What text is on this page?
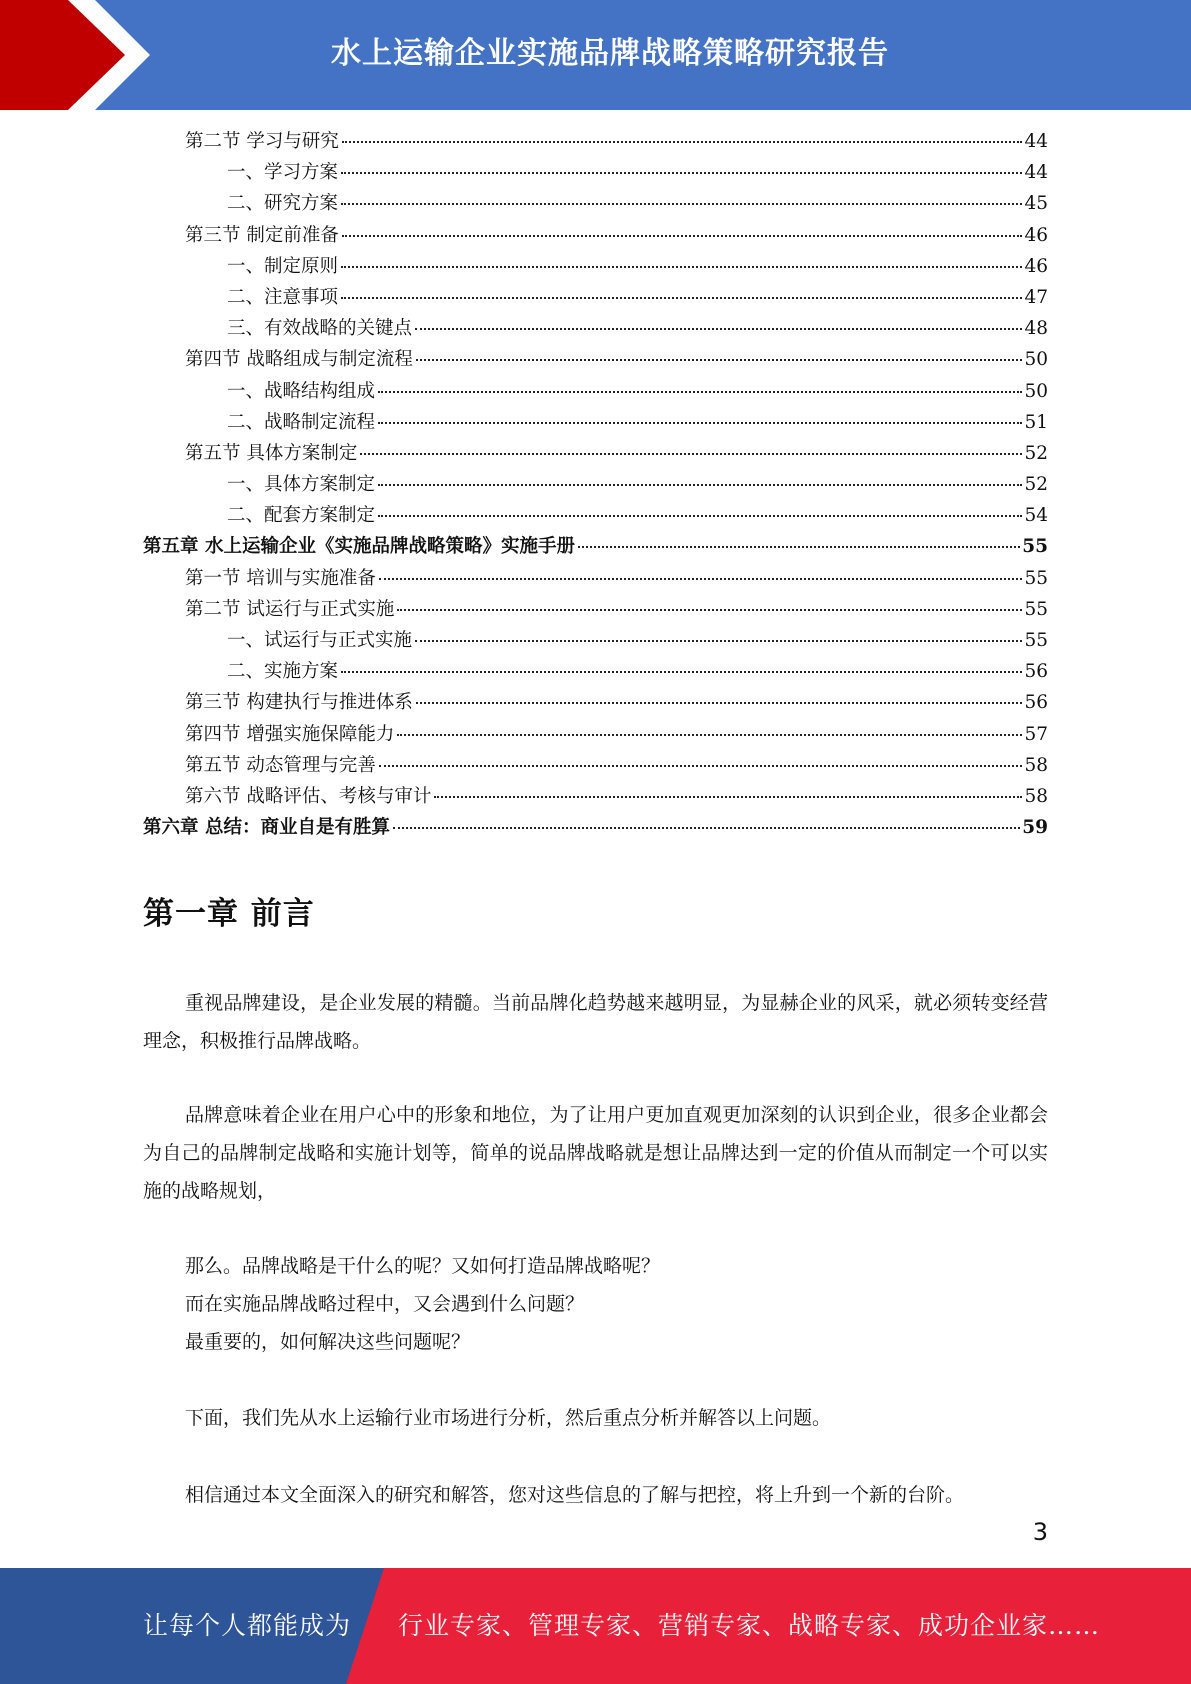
水上运输企业实施品牌战略策略研究报告
第二节 学习与研究	44
一、学习方案	44
二、研究方案	45
第三节 制定前准备	46
一、制定原则	46
二、注意事项	47
三、有效战略的关键点	48
第四节 战略组成与制定流程	50
一、战略结构组成	50
二、战略制定流程	51
第五节 具体方案制定	52
一、具体方案制定	52
二、配套方案制定	54
第五章 水上运输企业《实施品牌战略策略》实施手册	55
第一节 培训与实施准备	55
第二节 试运行与正式实施	55
一、试运行与正式实施	55
二、实施方案	56
第三节 构建执行与推进体系	56
第四节 增强实施保障能力	57
第五节 动态管理与完善	58
第六节 战略评估、考核与审计	58
第六章 总结：商业自是有胜算	59
第一章 前言
重视品牌建设，是企业发展的精髓。当前品牌化趋势越来越明显，为显赫企业的风采，就必须转变经营理念，积极推行品牌战略。
品牌意味着企业在用户心中的形象和地位，为了让用户更加直观更加深刻的认识到企业，很多企业都会为自己的品牌制定战略和实施计划等，简单的说品牌战略就是想让品牌达到一定的价值从而制定一个可以实施的战略规划，
那么。品牌战略是干什么的呢？又如何打造品牌战略呢？
而在实施品牌战略过程中，又会遇到什么问题？
最重要的，如何解决这些问题呢？
下面，我们先从水上运输行业市场进行分析，然后重点分析并解答以上问题。
相信通过本文全面深入的研究和解答，您对这些信息的了解与把控，将上升到一个新的台阶。
3
让每个人都能成为 行业专家、管理专家、营销专家、战略专家、成功企业家……
